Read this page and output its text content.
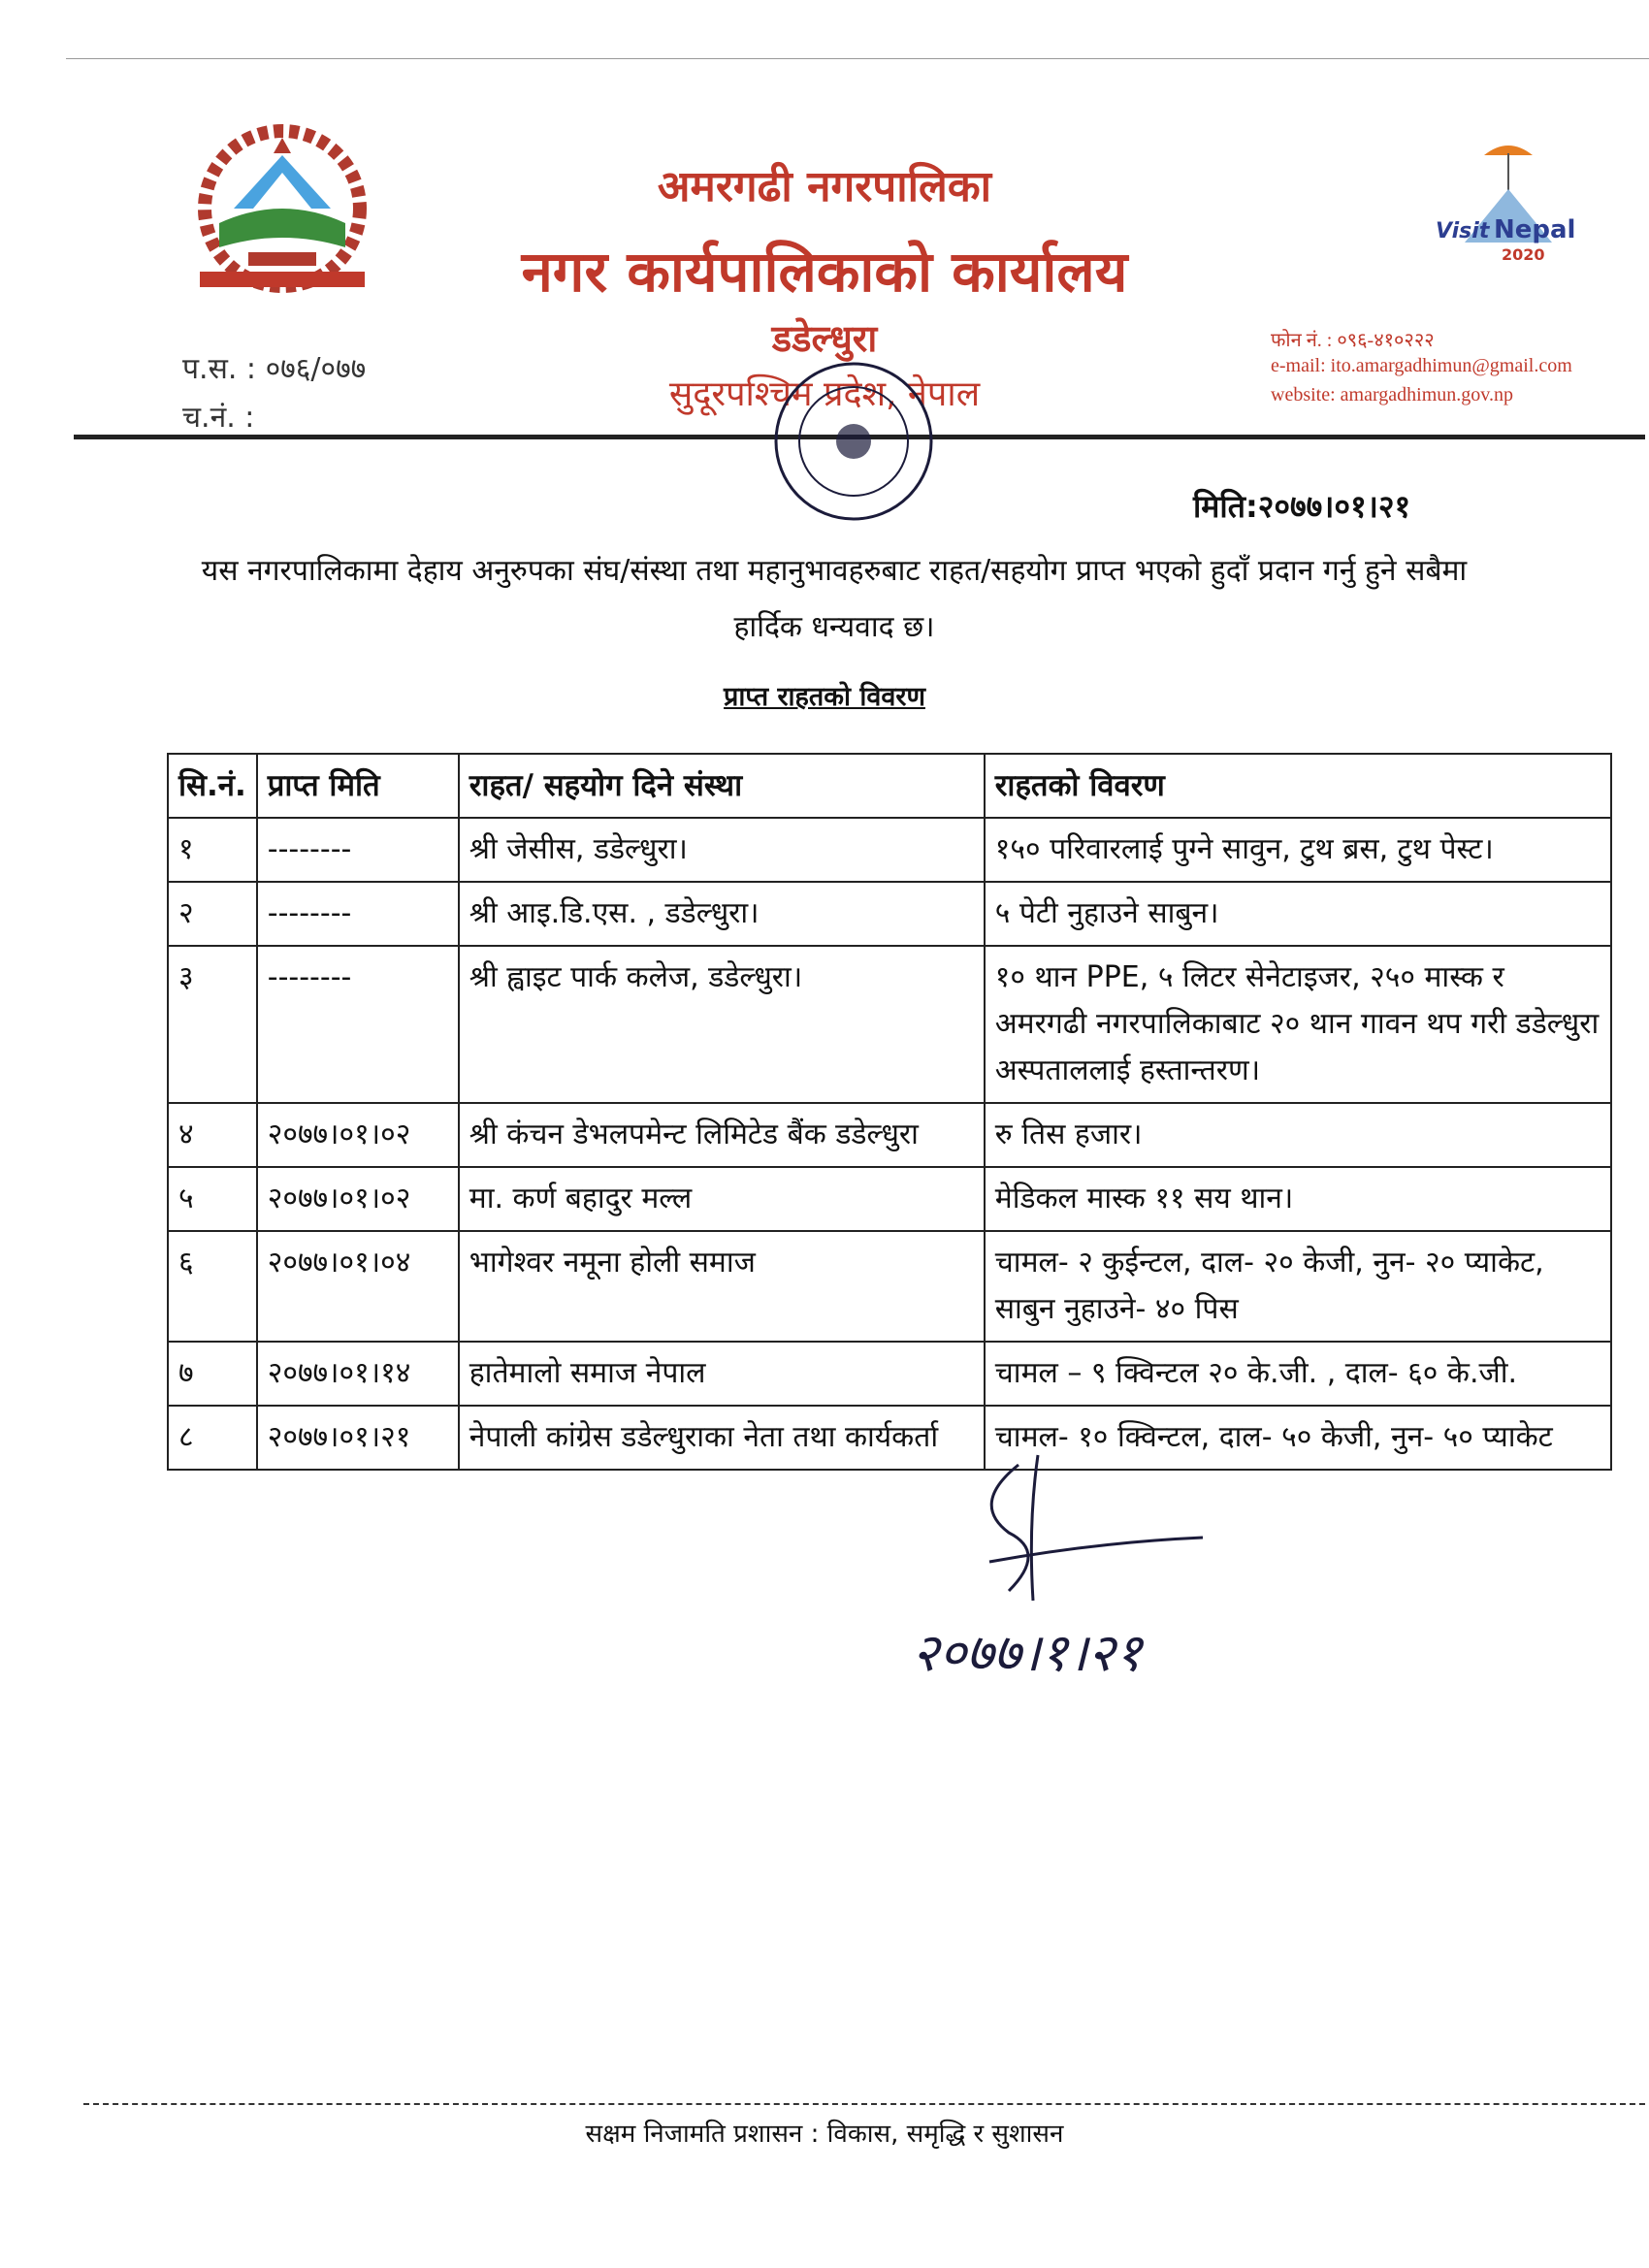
अमरगढी नगरपालिका
नगर कार्यपालिकाको कार्यालय
डडेल्धुरा
सुदूरपश्चिम प्रदेश, नेपाल
Visit Nepal
2020
प.स. : ०७६/०७७
च.नं. :
फोन नं. : ०९६-४१०२२२
e-mail: ito.amargadhimun@gmail.com
website: amargadhimun.gov.np
मिति:२०७७।०१।२१
यस नगरपालिकामा देहाय अनुरुपका संघ/संस्था तथा महानुभावहरुबाट राहत/सहयोग प्राप्त भएको हुदाँ प्रदान गर्नु हुने सबैमा हार्दिक धन्यवाद छ।
प्राप्त राहतको विवरण
सि.नं.	प्राप्त मिति	राहत/ सहयोग दिने संस्था	राहतको विवरण
१	--------	श्री जेसीस, डडेल्धुरा।	१५० परिवारलाई पुग्ने सावुन, टुथ ब्रस, टुथ पेस्ट।
२	--------	श्री आइ.डि.एस. , डडेल्धुरा।	५ पेटी नुहाउने साबुन।
३	--------	श्री ह्वाइट पार्क कलेज, डडेल्धुरा।	१० थान PPE, ५ लिटर सेनेटाइजर, २५० मास्क र अमरगढी नगरपालिकाबाट २० थान गावन थप गरी डडेल्धुरा अस्पताललाई हस्तान्तरण।
४	२०७७।०१।०२	श्री कंचन डेभलपमेन्ट लिमिटेड बैंक डडेल्धुरा	रु तिस हजार।
५	२०७७।०१।०२	मा. कर्ण बहादुर मल्ल	मेडिकल मास्क ११ सय थान।
६	२०७७।०१।०४	भागेश्वर नमूना होली समाज	चामल- २ कुईन्टल, दाल- २० केजी, नुन- २० प्याकेट, साबुन नुहाउने- ४० पिस
७	२०७७।०१।१४	हातेमालो समाज नेपाल	चामल – ९ क्विन्टल २० के.जी. , दाल- ६० के.जी.
८	२०७७।०१।२१	नेपाली कांग्रेस डडेल्धुराका नेता तथा कार्यकर्ता	चामल- १० क्विन्टल, दाल- ५० केजी, नुन- ५० प्याकेट
२०७७।१।२१
सक्षम निजामति प्रशासन : विकास, समृद्धि र सुशासन
